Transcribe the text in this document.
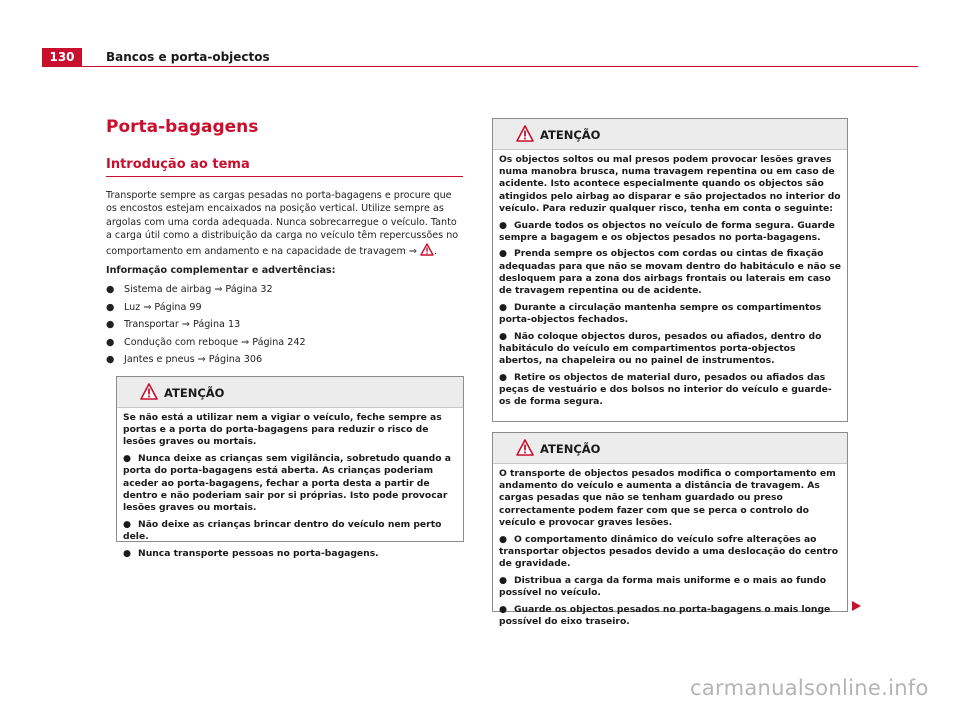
130	Bancos e porta-objectos
Porta-bagagens
Introdução ao tema

Transporte sempre as cargas pesadas no porta-bagagens e procure que os encostos estejam encaixados na posição vertical. Utilize sempre as argolas com uma corda adequada. Nunca sobrecarregue o veículo. Tanto a carga útil como a distribuição da carga no veículo têm repercussões no comportamento em andamento e na capacidade de travagem ⇒ .

Informação complementar e advertências:
● Sistema de airbag ⇒ Página 32
● Luz ⇒ Página 99
● Transportar ⇒ Página 13
● Condução com reboque ⇒ Página 242
● Jantes e pneus ⇒ Página 306
ATENÇÃO

Se não está a utilizar nem a vigiar o veículo, feche sempre as portas e a porta do porta-bagagens para reduzir o risco de lesões graves ou mortais.

● Nunca deixe as crianças sem vigilância, sobretudo quando a porta do porta-bagagens está aberta. As crianças poderiam aceder ao porta-bagagens, fechar a porta desta a partir de dentro e não poderiam sair por si próprias. Isto pode provocar lesões graves ou mortais.

● Não deixe as crianças brincar dentro do veículo nem perto dele.

● Nunca transporte pessoas no porta-bagagens.

ATENÇÃO

Os objectos soltos ou mal presos podem provocar lesões graves numa manobra brusca, numa travagem repentina ou em caso de acidente. Isto acontece especialmente quando os objectos são atingidos pelo airbag ao disparar e são projectados no interior do veículo. Para reduzir qualquer risco, tenha em conta o seguinte:

● Guarde todos os objectos no veículo de forma segura. Guarde sempre a bagagem e os objectos pesados no porta-bagagens.

● Prenda sempre os objectos com cordas ou cintas de fixação adequadas para que não se movam dentro do habitáculo e não se desloquem para a zona dos airbags frontais ou laterais em caso de travagem repentina ou de acidente.

● Durante a circulação mantenha sempre os compartimentos porta-objectos fechados.

● Não coloque objectos duros, pesados ou afiados, dentro do habitáculo do veículo em compartimentos porta-objectos abertos, na chapeleira ou no painel de instrumentos.

● Retire os objectos de material duro, pesados ou afiados das peças de vestuário e dos bolsos no interior do veículo e guarde-os de forma segura.

ATENÇÃO

O transporte de objectos pesados modifica o comportamento em andamento do veículo e aumenta a distância de travagem. As cargas pesadas que não se tenham guardado ou preso correctamente podem fazer com que se perca o controlo do veículo e provocar graves lesões.

● O comportamento dinâmico do veículo sofre alterações ao transportar objectos pesados devido a uma deslocação do centro de gravidade.

● Distribua a carga da forma mais uniforme e o mais ao fundo possível no veículo.

● Guarde os objectos pesados no porta-bagagens o mais longe possível do eixo traseiro.

carmanualsonline.info
